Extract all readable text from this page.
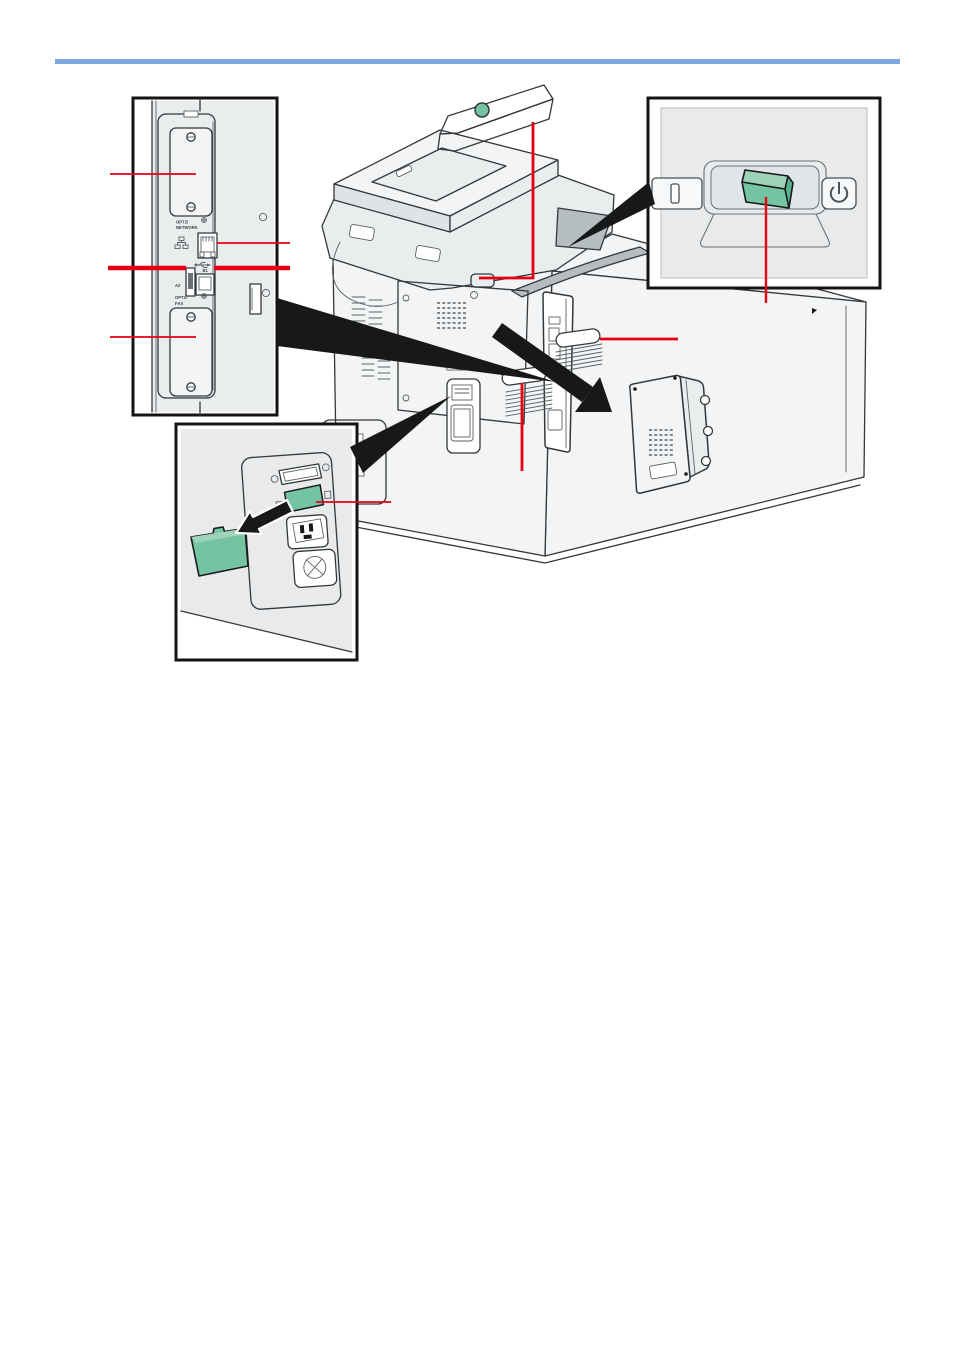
OPT2/
NETWORK
B1
A2
OPT1/
FAX
